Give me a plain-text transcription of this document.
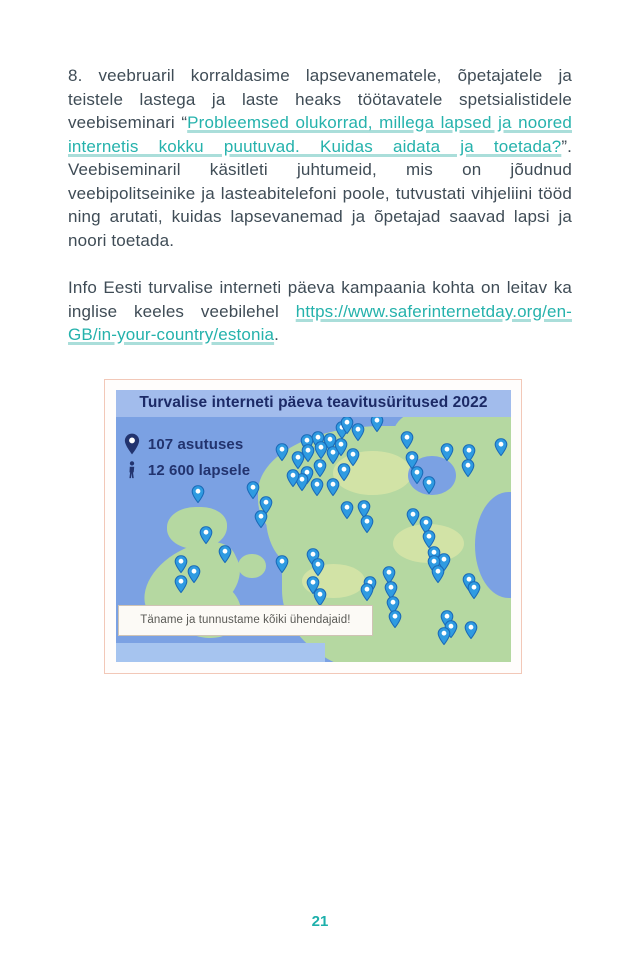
8. veebruaril korraldasime lapsevanematele, õpetajatele ja teistele lastega ja laste heaks töötavatele spetsialistidele veebiseminari “Probleemsed olukorrad, millega lapsed ja noored internetis kokku puutuvad. Kuidas aidata ja toetada?”. Veebiseminaril käsitleti juhtumeid, mis on jõudnud veebipolitseinike ja lasteabitelefoni poole, tutvustati vihjeliini tööd ning arutati, kuidas lapsevanemad ja õpetajad saavad lapsi ja noori toetada.

Info Eesti turvalise interneti päeva kampaania kohta on leitav ka inglise keeles veebilehel https://www.saferinternetday.org/en-GB/in-your-country/estonia.

Turvalise interneti päeva teavitusüritused 2022
107 asutuses
12 600 lapsele
Täname ja tunnustame kõiki ühendajaid!
21
